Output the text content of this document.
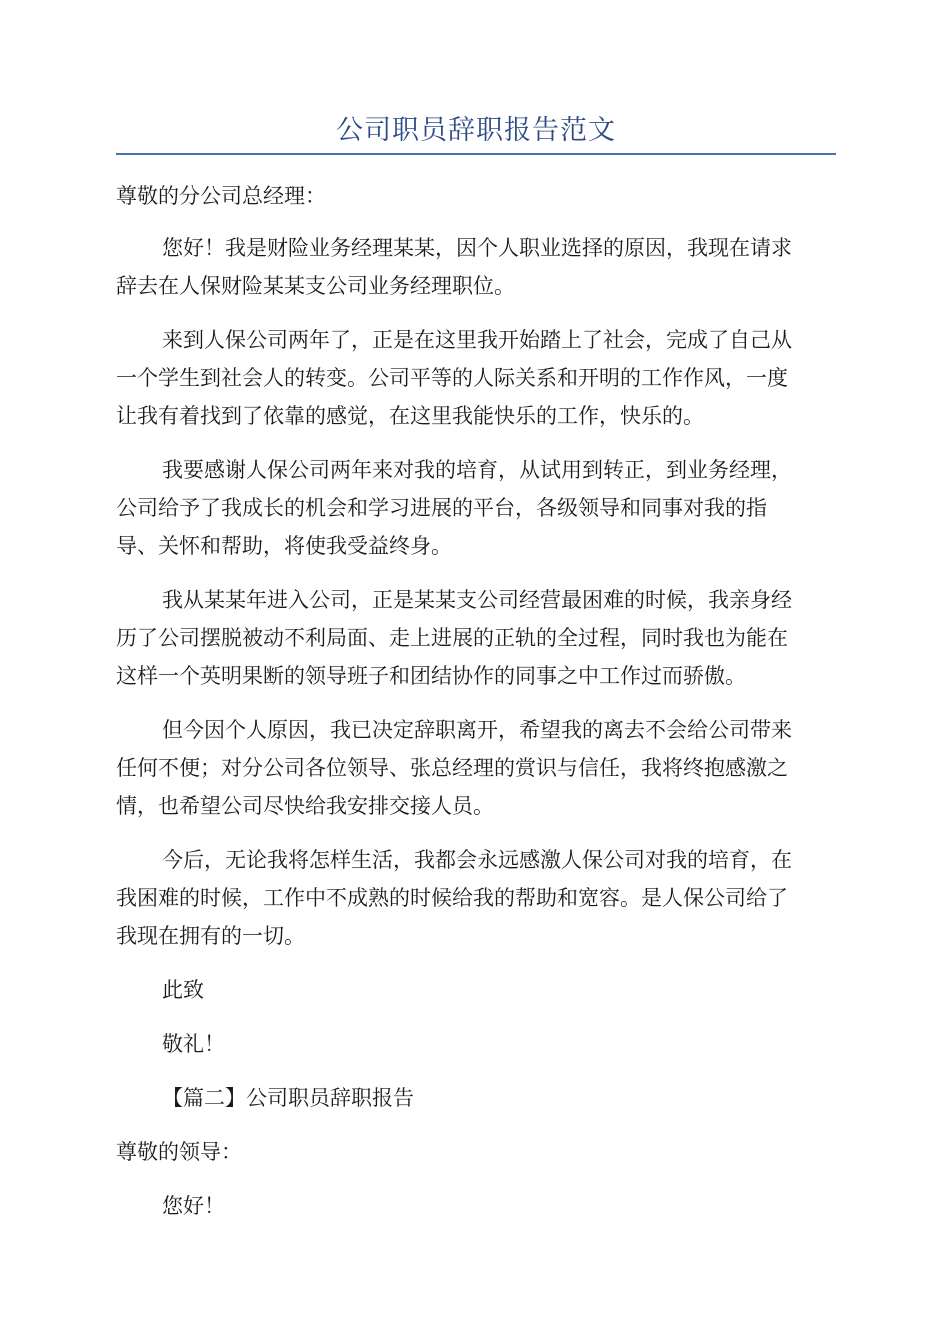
公司职员辞职报告范文
尊敬的分公司总经理：
您好！我是财险业务经理某某，因个人职业选择的原因，我现在请求
辞去在人保财险某某支公司业务经理职位。
来到人保公司两年了，正是在这里我开始踏上了社会，完成了自己从
一个学生到社会人的转变。公司平等的人际关系和开明的工作作风，一度
让我有着找到了依靠的感觉，在这里我能快乐的工作，快乐的。
我要感谢人保公司两年来对我的培育，从试用到转正，到业务经理，
公司给予了我成长的机会和学习进展的平台，各级领导和同事对我的指
导、关怀和帮助，将使我受益终身。
我从某某年进入公司，正是某某支公司经营最困难的时候，我亲身经
历了公司摆脱被动不利局面、走上进展的正轨的全过程，同时我也为能在
这样一个英明果断的领导班子和团结协作的同事之中工作过而骄傲。
但今因个人原因，我已决定辞职离开，希望我的离去不会给公司带来
任何不便；对分公司各位领导、张总经理的赏识与信任，我将终抱感激之
情，也希望公司尽快给我安排交接人员。
今后，无论我将怎样生活，我都会永远感激人保公司对我的培育，在
我困难的时候，工作中不成熟的时候给我的帮助和宽容。是人保公司给了
我现在拥有的一切。
此致
敬礼！
【篇二】公司职员辞职报告
尊敬的领导：
您好！
